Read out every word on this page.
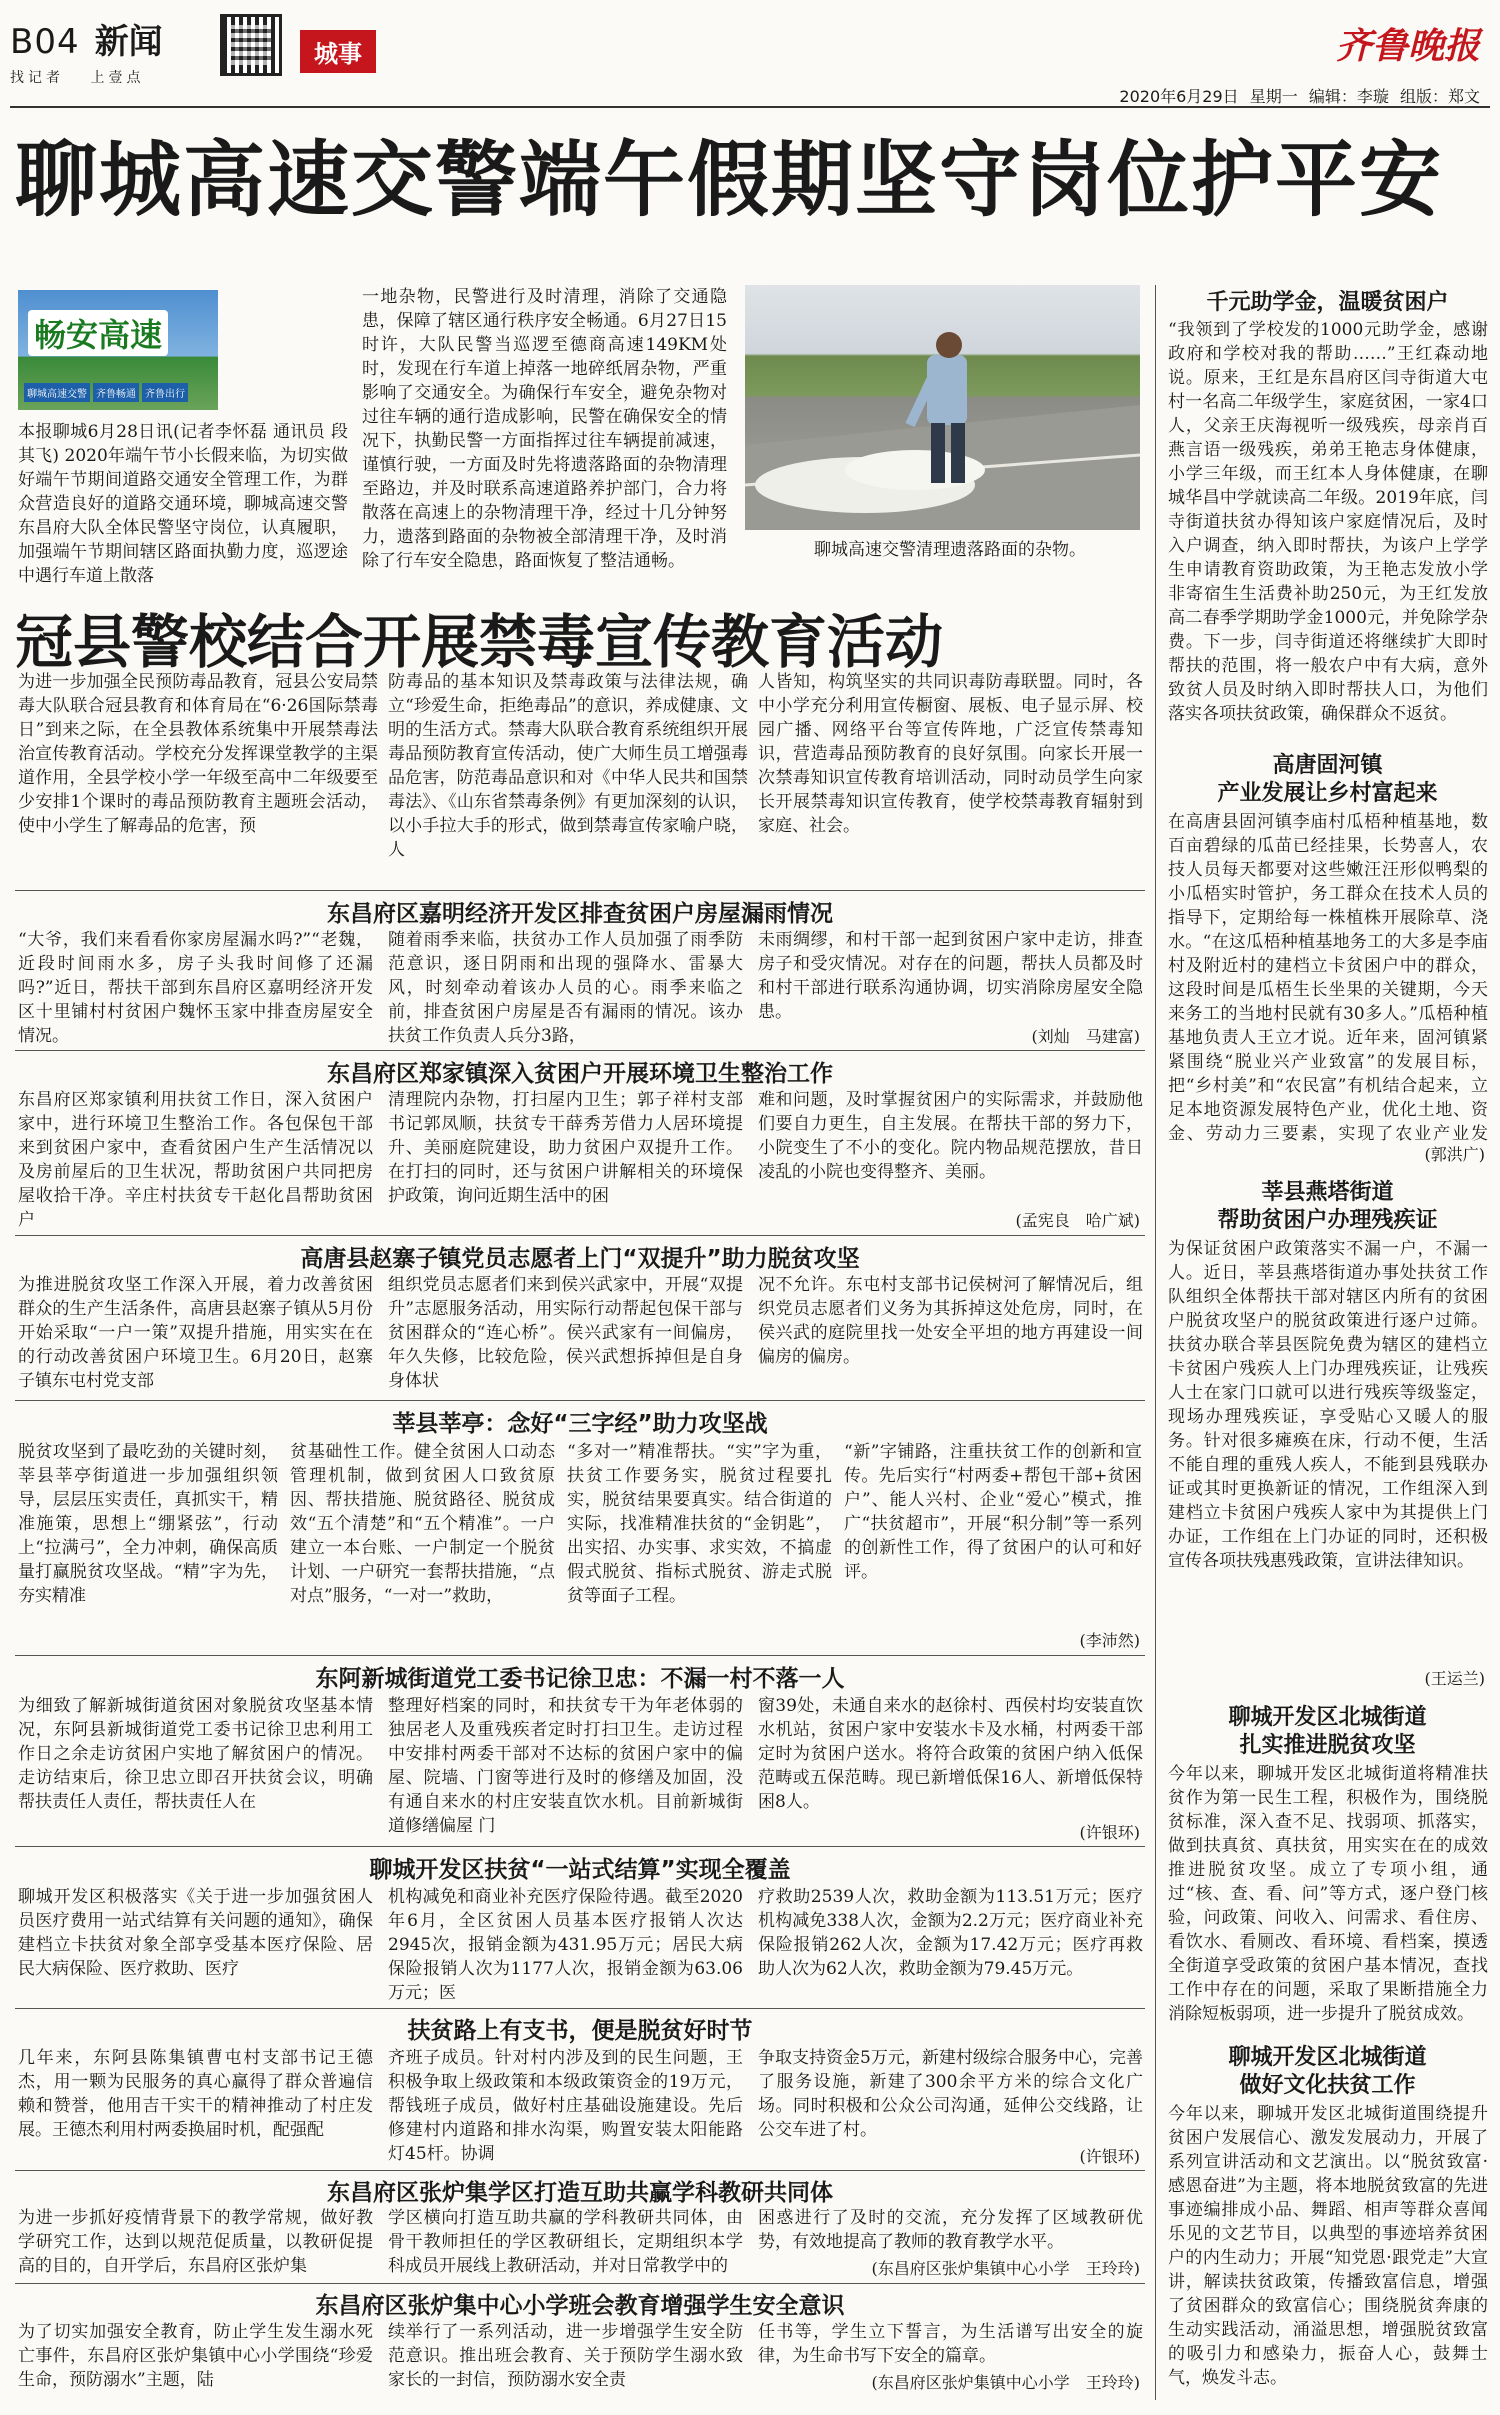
B04 新闻
找记者 上壹点
城事	齐鲁晚报
2020年6月29日 星期一 编辑：李璇 组版：郑文
聊城高速交警端午假期坚守岗位护平安
畅安高速
聊城高速交警 齐鲁畅通 齐鲁出行
本报聊城6月28日讯(记者李怀磊 通讯员 段其飞) 2020年端午节小长假来临，为切实做好端午节期间道路交通安全管理工作，为群众营造良好的道路交通环境，聊城高速交警东昌府大队全体民警坚守岗位，认真履职，加强端午节期间辖区路面执勤力度，巡逻途中遇行车道上散落
一地杂物，民警进行及时清理，消除了交通隐患，保障了辖区通行秩序安全畅通。6月27日15时许，大队民警当巡逻至德商高速149KM处时，发现在行车道上掉落一地碎纸屑杂物，严重影响了交通安全。为确保行车安全，避免杂物对过往车辆的通行造成影响，民警在确保安全的情况下，执勤民警一方面指挥过往车辆提前减速，谨慎行驶，一方面及时先将遗落路面的杂物清理至路边，并及时联系高速道路养护部门，合力将散落在高速上的杂物清理干净，经过十几分钟努力，遗落到路面的杂物被全部清理干净，及时消除了行车安全隐患，路面恢复了整洁通畅。
聊城高速交警清理遗落路面的杂物。
冠县警校结合开展禁毒宣传教育活动
为进一步加强全民预防毒品教育，冠县公安局禁毒大队联合冠县教育和体育局在“6·26国际禁毒日”到来之际，在全县教体系统集中开展禁毒法治宣传教育活动。学校充分发挥课堂教学的主渠道作用，全县学校小学一年级至高中二年级要至少安排1个课时的毒品预防教育主题班会活动，使中小学生了解毒品的危害，预
防毒品的基本知识及禁毒政策与法律法规，确立“珍爱生命，拒绝毒品”的意识，养成健康、文明的生活方式。禁毒大队联合教育系统组织开展毒品预防教育宣传活动，使广大师生员工增强毒品危害，防范毒品意识和对《中华人民共和国禁毒法》、《山东省禁毒条例》有更加深刻的认识，以小手拉大手的形式，做到禁毒宣传家喻户晓，人
人皆知，构筑坚实的共同识毒防毒联盟。同时，各中小学充分利用宣传橱窗、展板、电子显示屏、校园广播、网络平台等宣传阵地，广泛宣传禁毒知识，营造毒品预防教育的良好氛围。向家长开展一次禁毒知识宣传教育培训活动，同时动员学生向家长开展禁毒知识宣传教育，使学校禁毒教育辐射到家庭、社会。
东昌府区嘉明经济开发区排查贫困户房屋漏雨情况
“大爷，我们来看看你家房屋漏水吗?”“老魏，近段时间雨水多，房子头我时间修了还漏吗?”近日，帮扶干部到东昌府区嘉明经济开发区十里铺村村贫困户魏怀玉家中排查房屋安全情况。
随着雨季来临，扶贫办工作人员加强了雨季防范意识，逐日阴雨和出现的强降水、雷暴大风，时刻牵动着该办人员的心。雨季来临之前，排查贫困户房屋是否有漏雨的情况。该办扶贫工作负责人兵分3路，
未雨绸缪，和村干部一起到贫困户家中走访，排查房子和受灾情况。对存在的问题，帮扶人员都及时和村干部进行联系沟通协调，切实消除房屋安全隐患。
(刘灿　马建富)
东昌府区郑家镇深入贫困户开展环境卫生整治工作
东昌府区郑家镇利用扶贫工作日，深入贫困户家中，进行环境卫生整治工作。各包保包干部来到贫困户家中，查看贫困户生产生活情况以及房前屋后的卫生状况，帮助贫困户共同把房屋收拾干净。辛庄村扶贫专干赵化昌帮助贫困户
清理院内杂物，打扫屋内卫生；郭子祥村支部书记郭凤顺，扶贫专干薛秀芳借力人居环境提升、美丽庭院建设，助力贫困户双提升工作。在打扫的同时，还与贫困户讲解相关的环境保护政策，询问近期生活中的困
难和问题，及时掌握贫困户的实际需求，并鼓励他们要自力更生，自主发展。在帮扶干部的努力下，小院变生了不小的变化。院内物品规范摆放，昔日凌乱的小院也变得整齐、美丽。
(孟宪良　哈广斌)
高唐县赵寨子镇党员志愿者上门“双提升”助力脱贫攻坚
为推进脱贫攻坚工作深入开展，着力改善贫困群众的生产生活条件，高唐县赵寨子镇从5月份开始采取“一户一策”双提升措施，用实实在在的行动改善贫困户环境卫生。6月20日，赵寨子镇东屯村党支部
组织党员志愿者们来到侯兴武家中，开展“双提升”志愿服务活动，用实际行动帮起包保干部与贫困群众的“连心桥”。侯兴武家有一间偏房，年久失修，比较危险，侯兴武想拆掉但是自身身体状
况不允许。东屯村支部书记侯树河了解情况后，组织党员志愿者们义务为其拆掉这处危房，同时，在侯兴武的庭院里找一处安全平坦的地方再建设一间偏房的偏房。
莘县莘亭：念好“三字经”助力攻坚战
脱贫攻坚到了最吃劲的关键时刻，莘县莘亭街道进一步加强组织领导，层层压实责任，真抓实干，精准施策，思想上“绷紧弦”，行动上“拉满弓”，全力冲刺，确保高质量打赢脱贫攻坚战。“精”字为先，夯实精准
贫基础性工作。健全贫困人口动态管理机制，做到贫困人口致贫原因、帮扶措施、脱贫路径、脱贫成效“五个清楚”和“五个精准”。一户建立一本台账、一户制定一个脱贫计划、一户研究一套帮扶措施，“点对点”服务，“一对一”救助，
“多对一”精准帮扶。“实”字为重，扶贫工作要务实，脱贫过程要扎实，脱贫结果要真实。结合街道的实际，找准精准扶贫的“金钥匙”，出实招、办实事、求实效，不搞虚假式脱贫、指标式脱贫、游走式脱贫等面子工程。
“新”字铺路，注重扶贫工作的创新和宣传。先后实行“村两委+帮包干部+贫困户”、能人兴村、企业“爱心”模式，推广“扶贫超市”，开展“积分制”等一系列的创新性工作，得了贫困户的认可和好评。
(李沛然)
东阿新城街道党工委书记徐卫忠：不漏一村不落一人
为细致了解新城街道贫困对象脱贫攻坚基本情况，东阿县新城街道党工委书记徐卫忠利用工作日之余走访贫困户实地了解贫困户的情况。走访结束后，徐卫忠立即召开扶贫会议，明确帮扶责任人责任，帮扶责任人在
整理好档案的同时，和扶贫专干为年老体弱的独居老人及重残疾者定时打扫卫生。走访过程中安排村两委干部对不达标的贫困户家中的偏屋、院墙、门窗等进行及时的修缮及加固，没有通自来水的村庄安装直饮水机。目前新城街道修缮偏屋 门
窗39处，未通自来水的赵徐村、西侯村均安装直饮水机站，贫困户家中安装水卡及水桶，村两委干部定时为贫困户送水。将符合政策的贫困户纳入低保范畴或五保范畴。现已新增低保16人、新增低保特困8人。
(许银环)
聊城开发区扶贫“一站式结算”实现全覆盖
聊城开发区积极落实《关于进一步加强贫困人员医疗费用一站式结算有关问题的通知》，确保建档立卡扶贫对象全部享受基本医疗保险、居民大病保险、医疗救助、医疗
机构减免和商业补充医疗保险待遇。截至2020年6月，全区贫困人员基本医疗报销人次达2945次，报销金额为431.95万元；居民大病保险报销人次为1177人次，报销金额为63.06万元；医
疗救助2539人次，救助金额为113.51万元；医疗机构减免338人次，金额为2.2万元；医疗商业补充保险报销262人次，金额为17.42万元；医疗再救助人次为62人次，救助金额为79.45万元。
扶贫路上有支书，便是脱贫好时节
几年来，东阿县陈集镇曹屯村支部书记王德杰，用一颗为民服务的真心赢得了群众普遍信赖和赞誉，他用吉干实干的精神推动了村庄发展。王德杰利用村两委换届时机，配强配
齐班子成员。针对村内涉及到的民生问题，王积极争取上级政策和本级政策资金的19万元，帮钱班子成员，做好村庄基础设施建设。先后修建村内道路和排水沟渠，购置安装太阳能路灯45杆。协调
争取支持资金5万元，新建村级综合服务中心，完善了服务设施，新建了300余平方米的综合文化广场。同时积极和公众公司沟通，延伸公交线路，让公交车进了村。
(许银环)
东昌府区张炉集学区打造互助共赢学科教研共同体
为进一步抓好疫情背景下的教学常规，做好教学研究工作，达到以规范促质量，以教研促提高的目的，自开学后，东昌府区张炉集
学区横向打造互助共赢的学科教研共同体，由骨干教师担任的学区教研组长，定期组织本学科成员开展线上教研活动，并对日常教学中的
困惑进行了及时的交流，充分发挥了区域教研优势，有效地提高了教师的教育教学水平。
(东昌府区张炉集镇中心小学　王玲玲)
东昌府区张炉集中心小学班会教育增强学生安全意识
为了切实加强安全教育，防止学生发生溺水死亡事件，东昌府区张炉集镇中心小学围绕“珍爱生命，预防溺水”主题，陆
续举行了一系列活动，进一步增强学生安全防范意识。推出班会教育、关于预防学生溺水致家长的一封信，预防溺水安全责
任书等，学生立下誓言，为生活谱写出安全的旋律，为生命书写下安全的篇章。
(东昌府区张炉集镇中心小学　王玲玲)
千元助学金，温暖贫困户
“我领到了学校发的1000元助学金，感谢政府和学校对我的帮助……”王红森动地说。原来，王红是东昌府区闫寺街道大屯村一名高二年级学生，家庭贫困，一家4口人，父亲王庆海视听一级残疾，母亲肖百燕言语一级残疾，弟弟王艳志身体健康，小学三年级，而王红本人身体健康，在聊城华昌中学就读高二年级。2019年底，闫寺街道扶贫办得知该户家庭情况后，及时入户调查，纳入即时帮扶，为该户上学学生申请教育资助政策，为王艳志发放小学非寄宿生生活费补助250元，为王红发放高二春季学期助学金1000元，并免除学杂费。下一步，闫寺街道还将继续扩大即时帮扶的范围，将一般农户中有大病，意外致贫人员及时纳入即时帮扶人口，为他们落实各项扶贫政策，确保群众不返贫。
高唐固河镇
产业发展让乡村富起来
在高唐县固河镇李庙村瓜梧种植基地，数百亩碧绿的瓜苗已经挂果，长势喜人，农技人员每天都要对这些嫩汪汪形似鸭梨的小瓜梧实时管护，务工群众在技术人员的指导下，定期给每一株植株开展除草、浇水。“在这瓜梧种植基地务工的大多是李庙村及附近村的建档立卡贫困户中的群众，这段时间是瓜梧生长坐果的关键期，今天来务工的当地村民就有30多人。”瓜梧种植基地负责人王立才说。近年来，固河镇紧紧围绕“脱业兴产业致富”的发展目标，把“乡村美”和“农民富”有机结合起来，立足本地资源发展特色产业，优化土地、资金、劳动力三要素，实现了农业产业发
(郭洪广)
莘县燕塔街道
帮助贫困户办理残疾证
为保证贫困户政策落实不漏一户，不漏一人。近日，莘县燕塔街道办事处扶贫工作队组织全体帮扶干部对辖区内所有的贫困户脱贫攻坚户的脱贫政策进行逐户过筛。扶贫办联合莘县医院免费为辖区的建档立卡贫困户残疾人上门办理残疾证，让残疾人士在家门口就可以进行残疾等级鉴定，现场办理残疾证，享受贴心又暖人的服务。针对很多瘫痪在床，行动不便，生活不能自理的重残人疾人，不能到县残联办证或其时更换新证的情况，工作组深入到建档立卡贫困户残疾人家中为其提供上门办证，工作组在上门办证的同时，还积极宣传各项扶残惠残政策，宣讲法律知识。
(王运兰)
聊城开发区北城街道
扎实推进脱贫攻坚
今年以来，聊城开发区北城街道将精准扶贫作为第一民生工程，积极作为，围绕脱贫标准，深入查不足、找弱项、抓落实，做到扶真贫、真扶贫，用实实在在的成效推进脱贫攻坚。成立了专项小组，通过“核、查、看、问”等方式，逐户登门核验，问政策、问收入、问需求、看住房、看饮水、看厕改、看环境、看档案，摸透全街道享受政策的贫困户基本情况，查找工作中存在的问题，采取了果断措施全力消除短板弱项，进一步提升了脱贫成效。
聊城开发区北城街道
做好文化扶贫工作
今年以来，聊城开发区北城街道围绕提升贫困户发展信心、激发发展动力，开展了系列宣讲活动和文艺演出。以“脱贫致富·感恩奋进”为主题，将本地脱贫致富的先进事迹编排成小品、舞蹈、相声等群众喜闻乐见的文艺节目，以典型的事迹培养贫困户的内生动力；开展“知党恩·跟党走”大宣讲，解读扶贫政策，传播致富信息，增强了贫困群众的致富信心；围绕脱贫奔康的生动实践活动，涌溢思想，增强脱贫致富的吸引力和感染力，振奋人心，鼓舞士气，焕发斗志。
